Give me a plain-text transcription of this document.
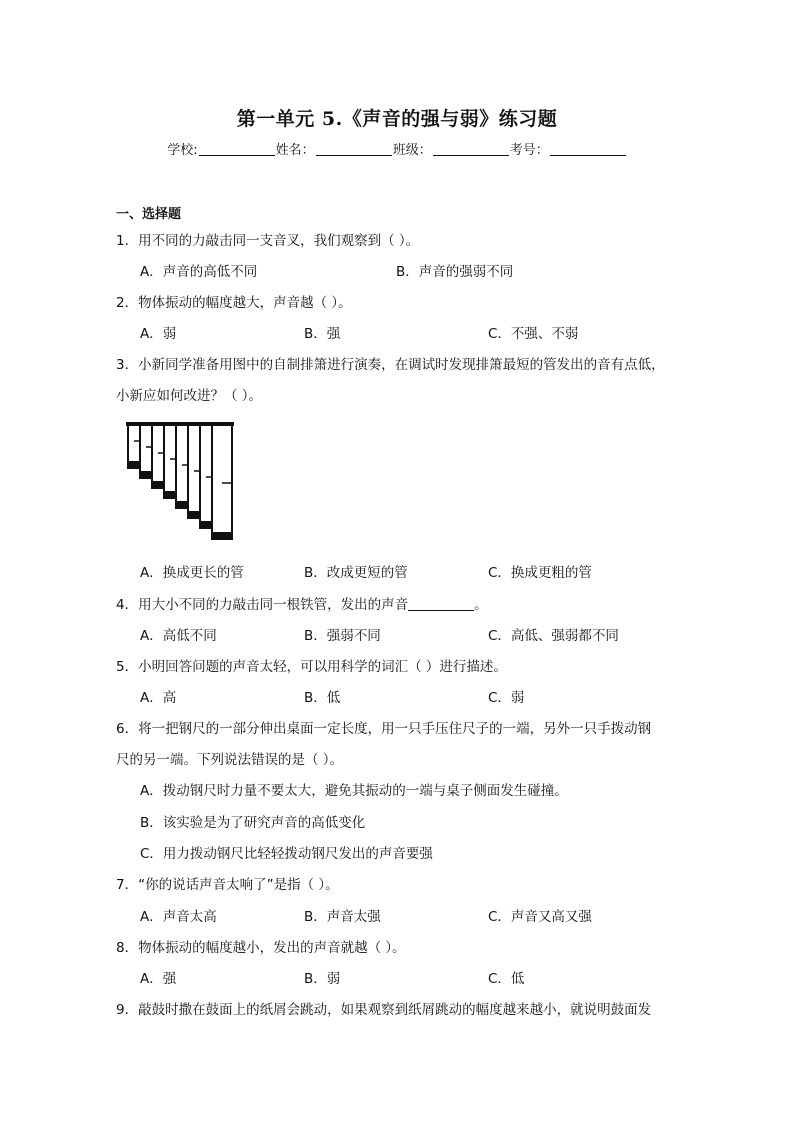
第一单元 5.《声音的强与弱》练习题
学校:	姓名：	班级：	考号：
一、选择题
1．用不同的力敲击同一支音叉，我们观察到（ ）。
A．声音的高低不同	B．声音的强弱不同
2．物体振动的幅度越大，声音越（ ）。
A．弱	B．强	C．不强、不弱
3．小新同学准备用图中的自制排箫进行演奏，在调试时发现排箫最短的管发出的音有点低，
小新应如何改进？（ ）。
A．换成更长的管	B．改成更短的管	C．换成更粗的管
4．用大小不同的力敲击同一根铁管，发出的声音	。
A．高低不同	B．强弱不同	C．高低、强弱都不同
5．小明回答问题的声音太轻，可以用科学的词汇（ ）进行描述。
A．高	B．低	C．弱
6．将一把钢尺的一部分伸出桌面一定长度，用一只手压住尺子的一端，另外一只手拨动钢
尺的另一端。下列说法错误的是（ ）。
A．拨动钢尺时力量不要太大，避免其振动的一端与桌子侧面发生碰撞。
B．该实验是为了研究声音的高低变化
C．用力拨动钢尺比轻轻拨动钢尺发出的声音要强
7．“你的说话声音太响了”是指（ ）。
A．声音太高	B．声音太强	C．声音又高又强
8．物体振动的幅度越小，发出的声音就越（ ）。
A．强	B．弱	C．低
9．敲鼓时撒在鼓面上的纸屑会跳动，如果观察到纸屑跳动的幅度越来越小，就说明鼓面发
